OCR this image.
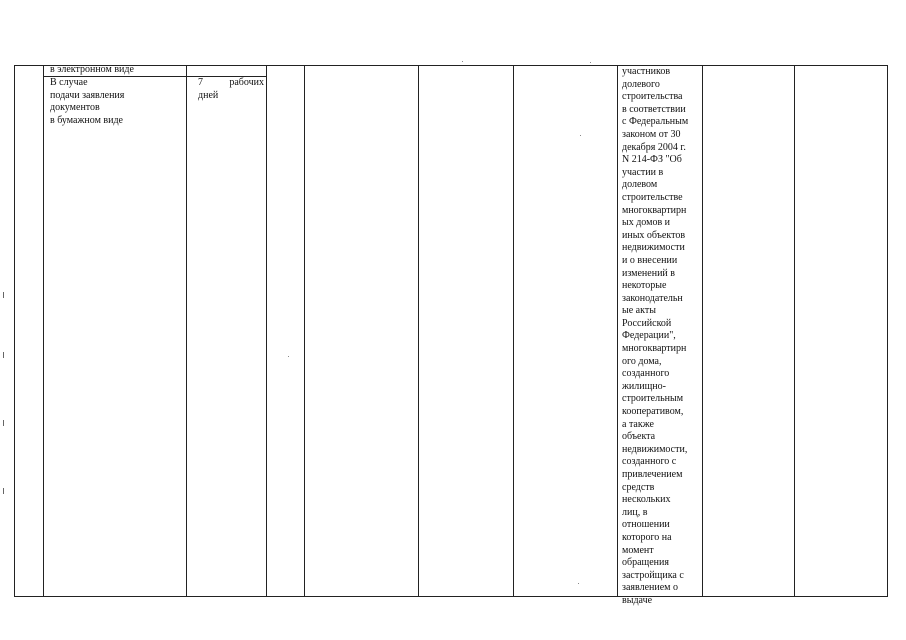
в электронном виде
В случае
подачи заявления
документов
в бумажном виде
7 рабочих
дней
участников
долевого
строительства
в соответствии
с Федеральным
законом от 30
декабря 2004 г.
N 214-ФЗ "Об
участии в
долевом
строительстве
многоквартирн
ых домов и
иных объектов
недвижимости
и о внесении
изменений в
некоторые
законодательн
ые акты
Российской
Федерации",
многоквартирн
ого дома,
созданного
жилищно-
строительным
кооперативом,
а также
объекта
недвижимости,
созданного с
привлечением
средств
нескольких
лиц, в
отношении
которого на
момент
обращения
застройщика с
заявлением о
выдаче
